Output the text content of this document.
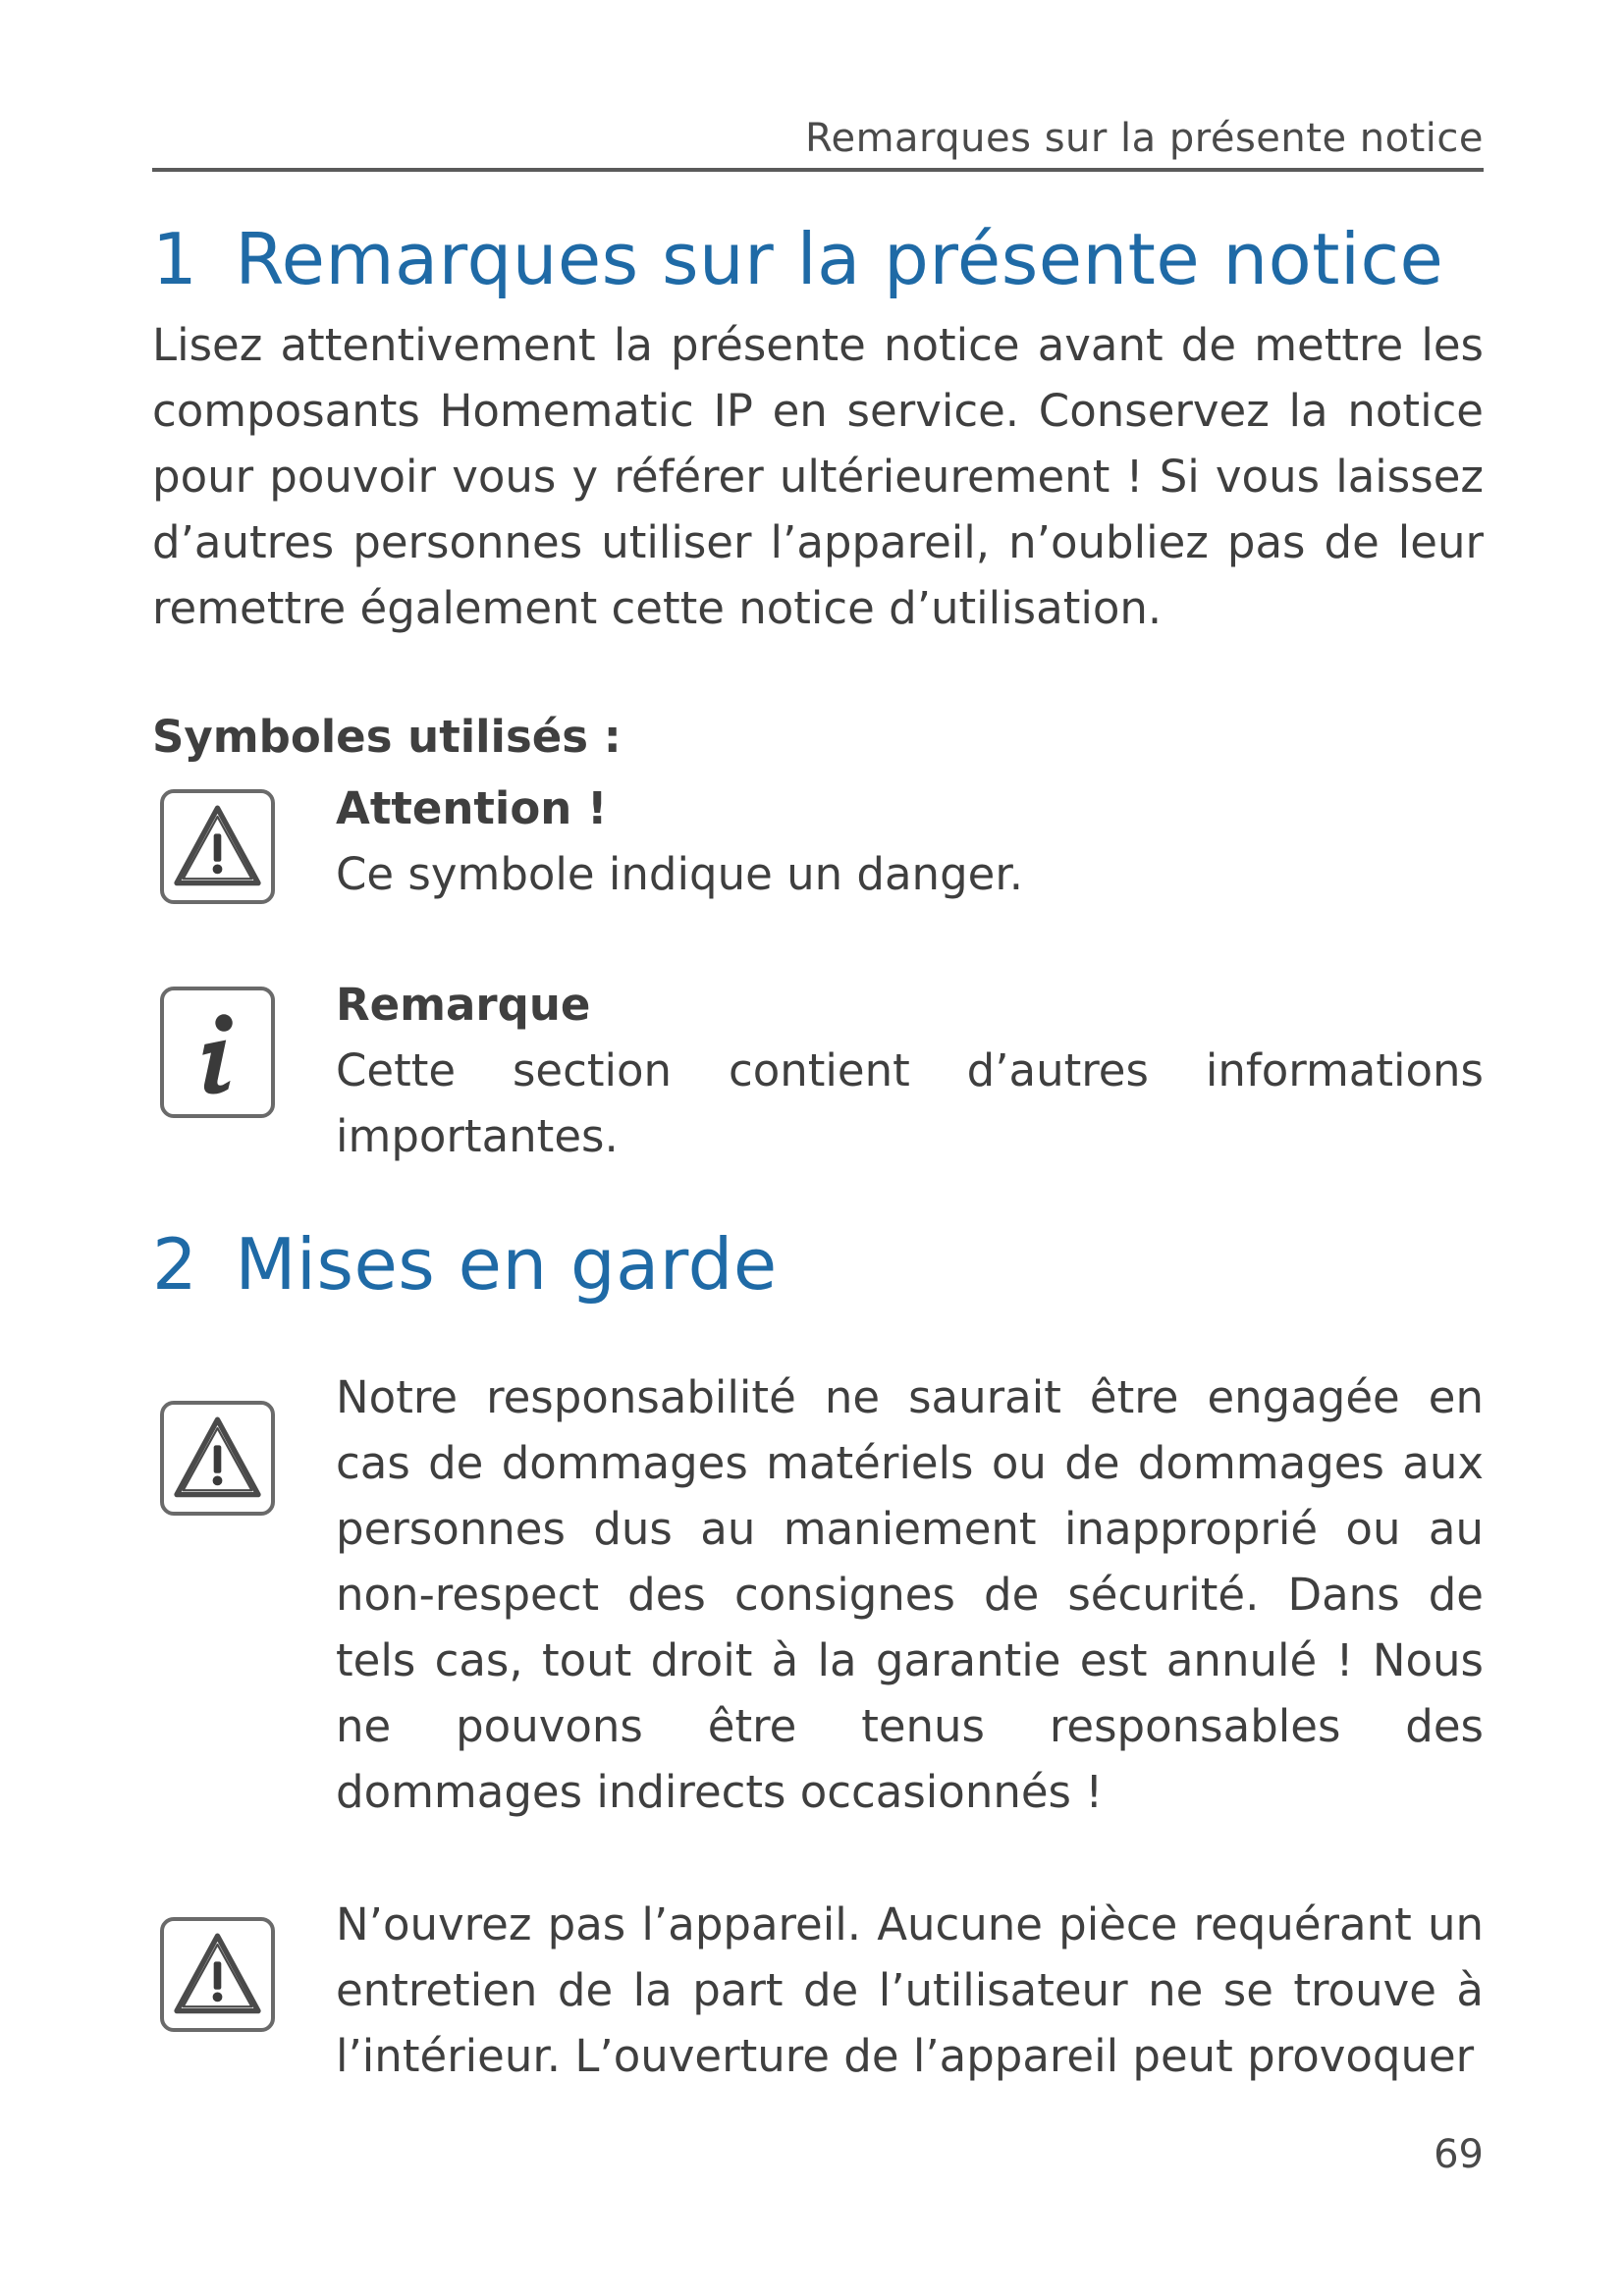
Remarques sur la présente notice
1 Remarques sur la présente notice

Lisez attentivement la présente notice avant de mettre les composants Homematic IP en service. Conservez la notice pour pouvoir vous y référer ultérieurement ! Si vous laissez d’autres personnes utiliser l’appareil, n’oubliez pas de leur remettre également cette notice d’utilisation.

Symboles utilisés :

Attention !
Ce symbole indique un danger.
Remarque
Cette section contient d’autres informations importantes.
2 Mises en garde

Notre responsabilité ne saurait être engagée en cas de dommages matériels ou de dommages aux personnes dus au maniement inapproprié ou au non-respect des consignes de sécurité. Dans de tels cas, tout droit à la garantie est annulé ! Nous ne pouvons être tenus responsables des dommages indirects occasionnés !

N’ouvrez pas l’appareil. Aucune pièce requérant un entretien de la part de l’utilisateur ne se trouve à l’intérieur. L’ouverture de l’appareil peut provoquer

69
